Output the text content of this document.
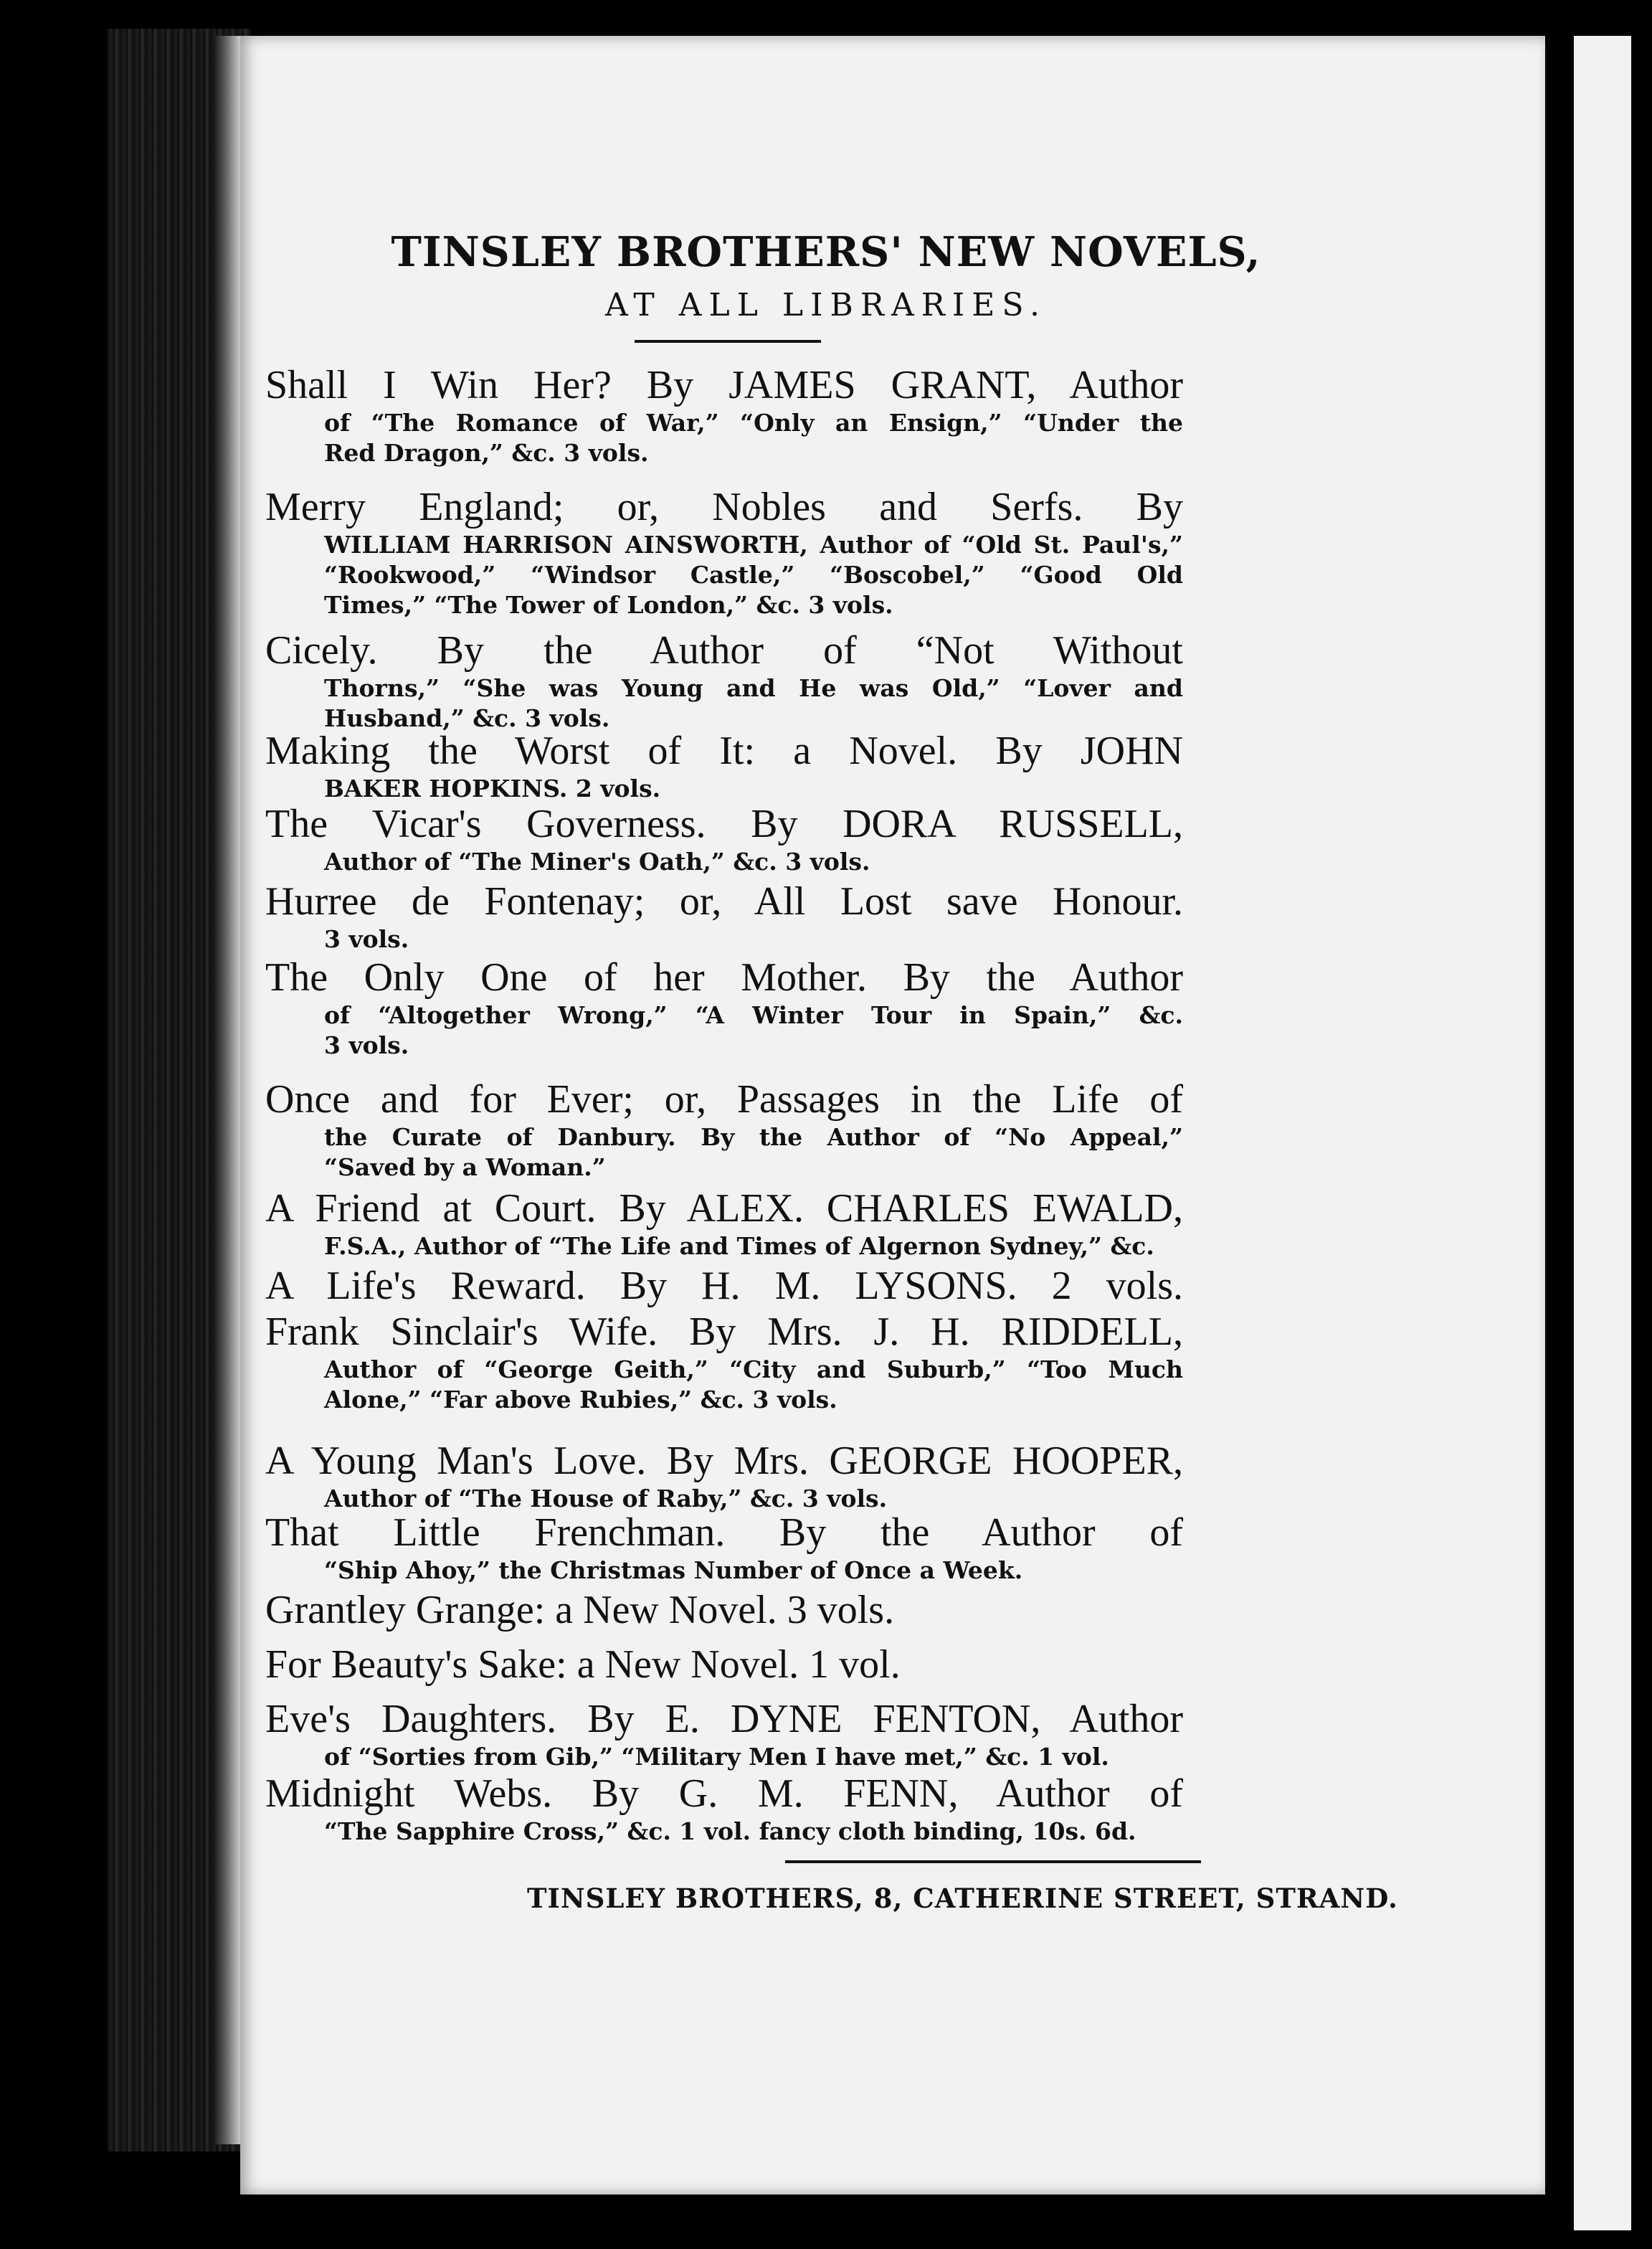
TINSLEY BROTHERS' NEW NOVELS,
AT ALL LIBRARIES.
Shall I Win Her? By JAMES GRANT, Author
of “The Romance of War,” “Only an Ensign,” “Under the
Red Dragon,” &c. 3 vols.
Merry England; or, Nobles and Serfs. By
WILLIAM HARRISON AINSWORTH, Author of “Old St. Paul's,”
“Rookwood,” “Windsor Castle,” “Boscobel,” “Good Old
Times,” “The Tower of London,” &c. 3 vols.
Cicely. By the Author of “Not Without
Thorns,” “She was Young and He was Old,” “Lover and
Husband,” &c. 3 vols.
Making the Worst of It: a Novel. By JOHN
BAKER HOPKINS. 2 vols.
The Vicar's Governess. By DORA RUSSELL,
Author of “The Miner's Oath,” &c. 3 vols.
Hurree de Fontenay; or, All Lost save Honour.
3 vols.
The Only One of her Mother. By the Author
of “Altogether Wrong,” “A Winter Tour in Spain,” &c.
3 vols.
Once and for Ever; or, Passages in the Life of
the Curate of Danbury. By the Author of “No Appeal,”
“Saved by a Woman.”
A Friend at Court. By ALEX. CHARLES EWALD,
F.S.A., Author of “The Life and Times of Algernon Sydney,” &c.
A Life's Reward. By H. M. LYSONS. 2 vols.
Frank Sinclair's Wife. By Mrs. J. H. RIDDELL,
Author of “George Geith,” “City and Suburb,” “Too Much
Alone,” “Far above Rubies,” &c. 3 vols.
A Young Man's Love. By Mrs. GEORGE HOOPER,
Author of “The House of Raby,” &c. 3 vols.
That Little Frenchman. By the Author of
“Ship Ahoy,” the Christmas Number of Once a Week.
Grantley Grange: a New Novel. 3 vols.
For Beauty's Sake: a New Novel. 1 vol.
Eve's Daughters. By E. DYNE FENTON, Author
of “Sorties from Gib,” “Military Men I have met,” &c. 1 vol.
Midnight Webs. By G. M. FENN, Author of
“The Sapphire Cross,” &c. 1 vol. fancy cloth binding, 10s. 6d.
TINSLEY BROTHERS, 8, CATHERINE STREET, STRAND.
